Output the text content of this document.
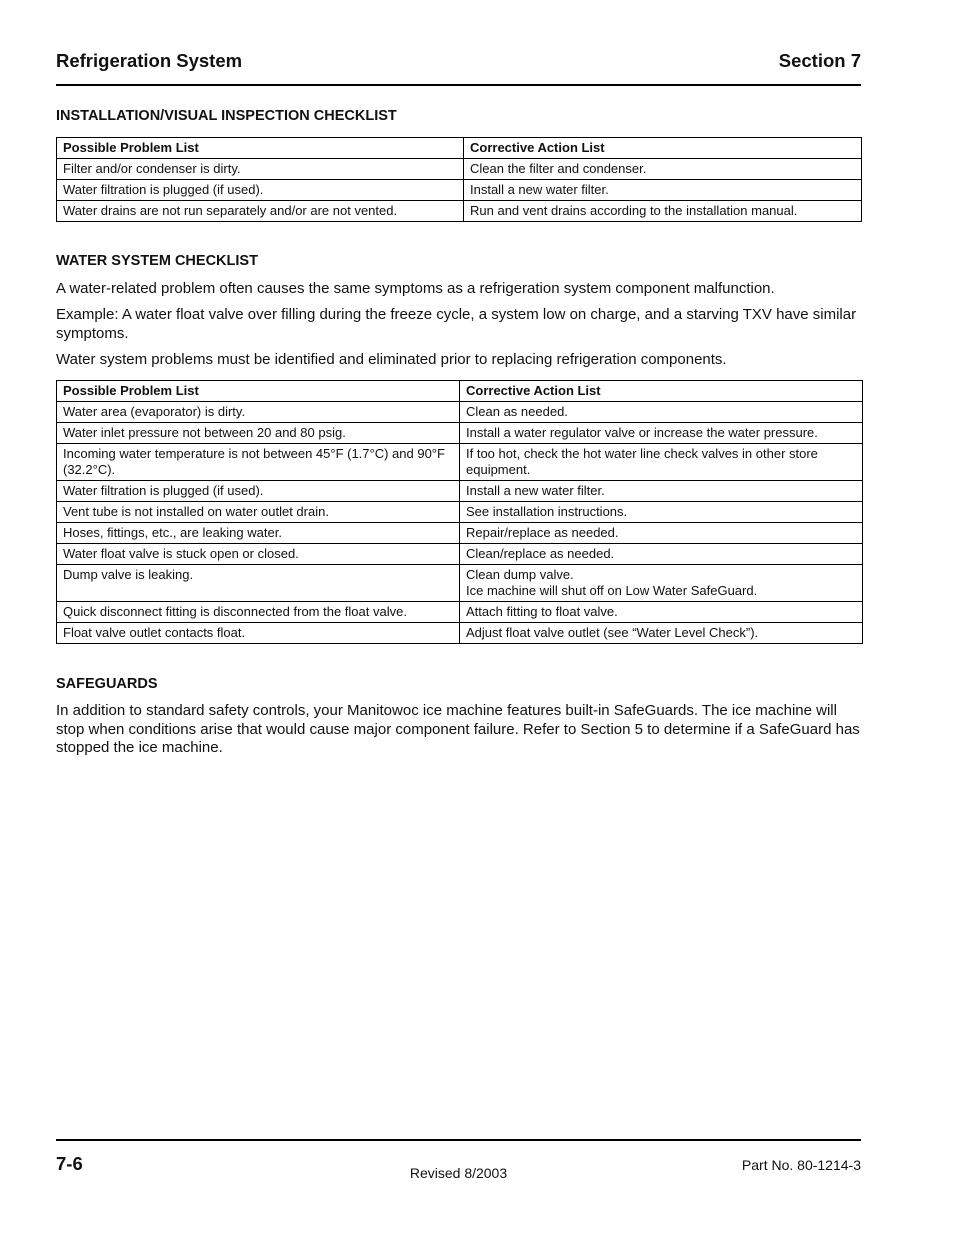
Refrigeration System	Section 7
INSTALLATION/VISUAL INSPECTION CHECKLIST
Possible Problem List	Corrective Action List
Filter and/or condenser is dirty.	Clean the filter and condenser.
Water filtration is plugged (if used).	Install a new water filter.
Water drains are not run separately and/or are not vented.	Run and vent drains according to the installation manual.
WATER SYSTEM CHECKLIST
A water-related problem often causes the same symptoms as a refrigeration system component malfunction.
Example: A water float valve over filling during the freeze cycle, a system low on charge, and a starving TXV have similar symptoms.
Water system problems must be identified and eliminated prior to replacing refrigeration components.
Possible Problem List	Corrective Action List
Water area (evaporator) is dirty.	Clean as needed.
Water inlet pressure not between 20 and 80 psig.	Install a water regulator valve or increase the water pressure.
Incoming water temperature is not between 45°F (1.7°C) and 90°F (32.2°C).	If too hot, check the hot water line check valves in other store equipment.
Water filtration is plugged (if used).	Install a new water filter.
Vent tube is not installed on water outlet drain.	See installation instructions.
Hoses, fittings, etc., are leaking water.	Repair/replace as needed.
Water float valve is stuck open or closed.	Clean/replace as needed.
Dump valve is leaking.	Clean dump valve.
Ice machine will shut off on Low Water SafeGuard.
Quick disconnect fitting is disconnected from the float valve.	Attach fitting to float valve.
Float valve outlet contacts float.	Adjust float valve outlet (see “Water Level Check”).
SAFEGUARDS
In addition to standard safety controls, your Manitowoc ice machine features built-in SafeGuards. The ice machine will stop when conditions arise that would cause major component failure. Refer to Section 5 to determine if a SafeGuard has stopped the ice machine.
7-6	Revised 8/2003	Part No. 80-1214-3
